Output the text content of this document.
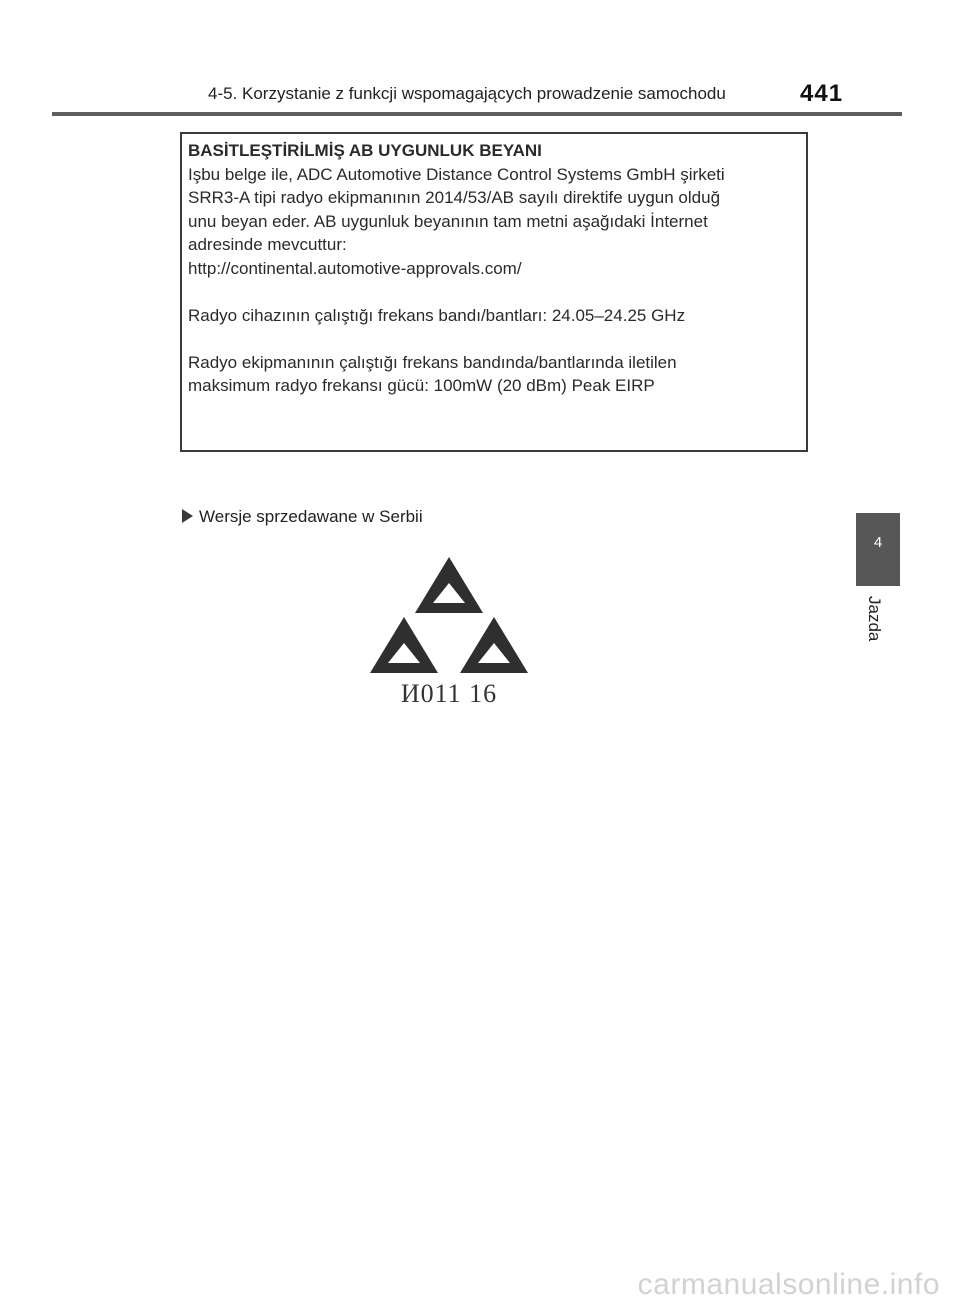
4-5. Korzystanie z funkcji wspomagających prowadzenie samochodu	441
BASİTLEŞTİRİLMİŞ AB UYGUNLUK BEYANI
Işbu belge ile, ADC Automotive Distance Control Systems GmbH şirketi
SRR3-A tipi radyo ekipmanının 2014/53/AB sayılı direktife uygun olduğ
unu beyan eder. AB uygunluk beyanının tam metni aşağıdaki İnternet
adresinde mevcuttur:
http://continental.automotive-approvals.com/
Radyo cihazının çalıştığı frekans bandı/bantları: 24.05–24.25 GHz
Radyo ekipmanının çalıştığı frekans bandında/bantlarında iletilen
maksimum radyo frekansı gücü: 100mW (20 dBm) Peak EIRP
Wersje sprzedawane w Serbii
И011 16
4
Jazda
carmanualsonline.info
